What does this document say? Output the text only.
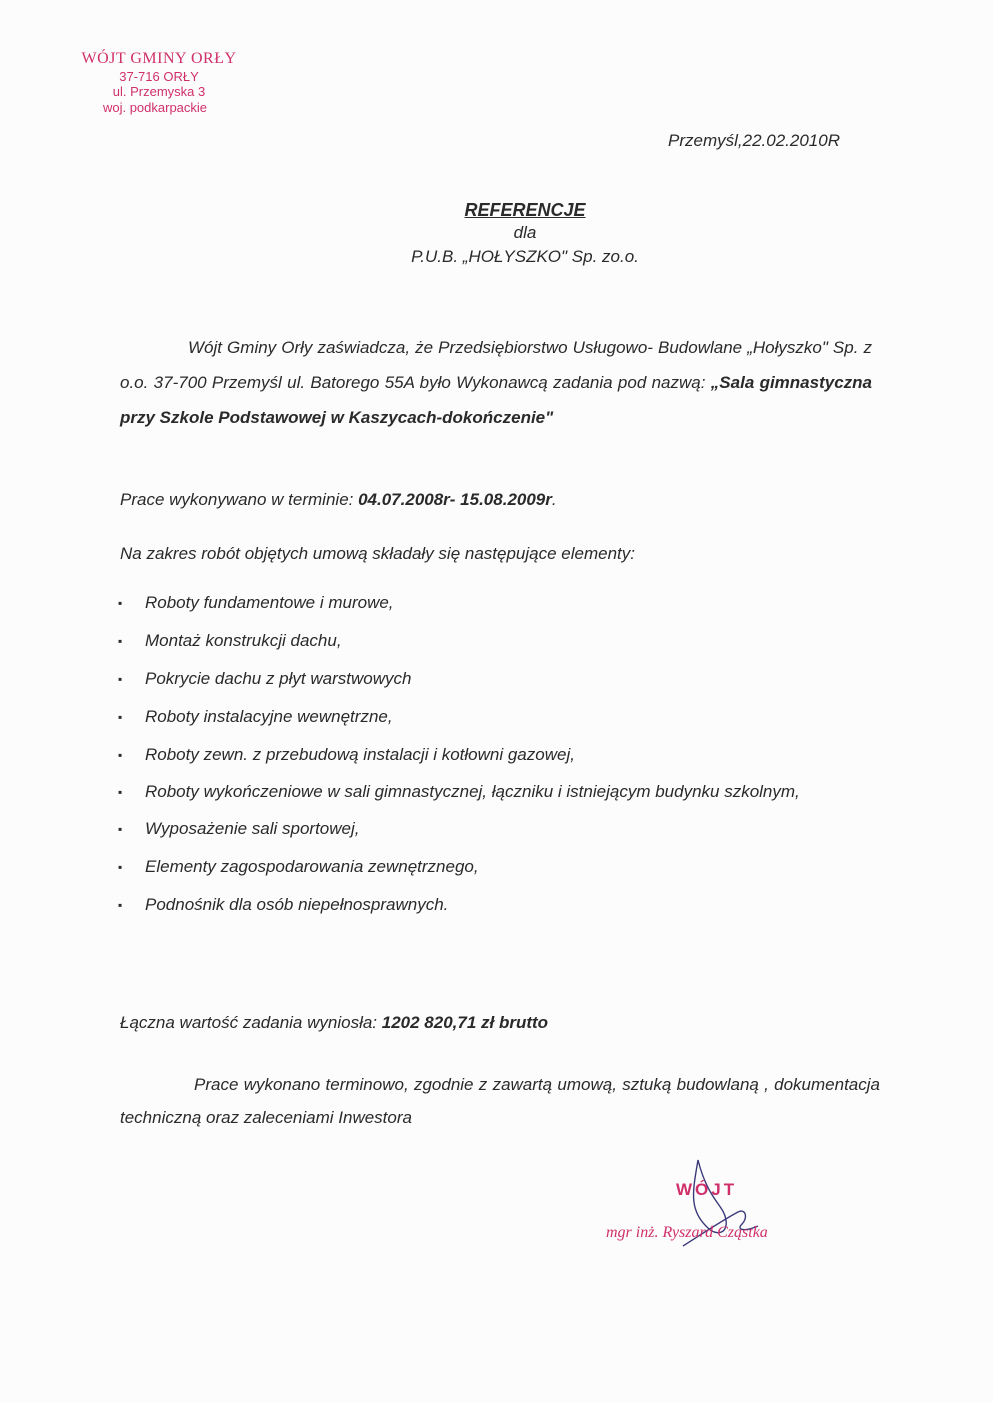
WÓJT GMINY ORŁY
37-716 ORŁY
ul. Przemyska 3
woj. podkarpackie
Przemyśl,22.02.2010R
REFERENCJE
dla
P.U.B. „HOŁYSZKO" Sp. zo.o.
Wójt Gminy Orły zaświadcza, że Przedsiębiorstwo Usługowo- Budowlane „Hołyszko" Sp. z o.o. 37-700 Przemyśl ul. Batorego 55A było Wykonawcą zadania pod nazwą: „Sala gimnastyczna przy Szkole Podstawowej w Kaszycach-dokończenie"
Prace wykonywano w terminie: 04.07.2008r- 15.08.2009r.
Na zakres robót objętych umową składały się następujące elementy:
▪ Roboty fundamentowe i murowe,
▪ Montaż konstrukcji dachu,
▪ Pokrycie dachu z płyt warstwowych
▪ Roboty instalacyjne wewnętrzne,
▪ Roboty zewn. z przebudową instalacji i kotłowni gazowej,
▪ Roboty wykończeniowe w sali gimnastycznej, łączniku i istniejącym budynku szkolnym,
▪ Wyposażenie sali sportowej,
▪ Elementy zagospodarowania zewnętrznego,
▪ Podnośnik dla osób niepełnosprawnych.
Łączna wartość zadania wyniosła: 1202 820,71 zł brutto
Prace wykonano terminowo, zgodnie z zawartą umową, sztuką budowlaną , dokumentacja techniczną oraz zaleceniami Inwestora
WÓJT
mgr inż. Ryszard Cząstka
